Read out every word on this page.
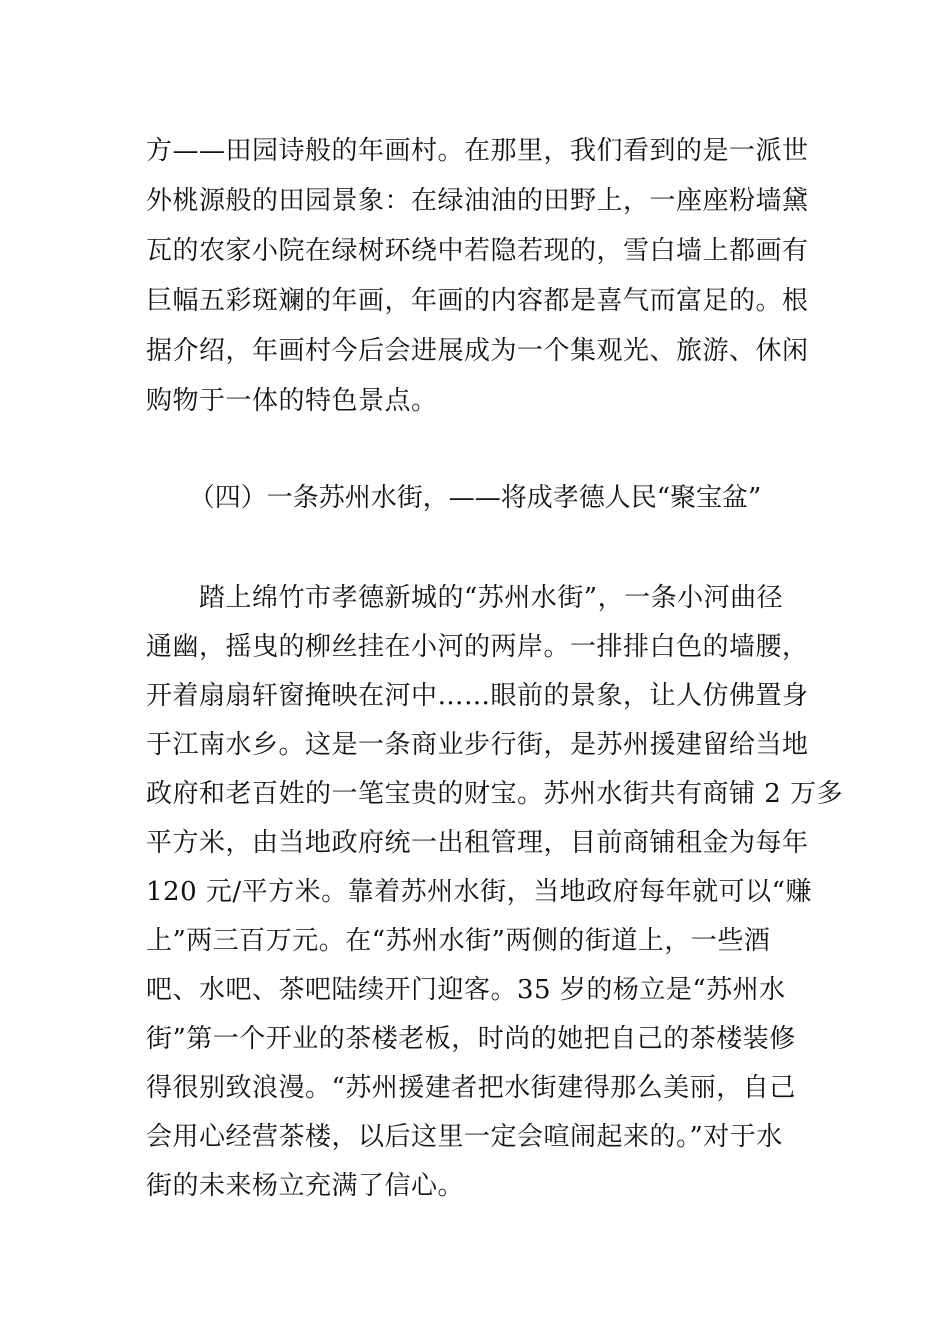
方——田园诗般的年画村。在那里，我们看到的是一派世
外桃源般的田园景象：在绿油油的田野上，一座座粉墙黛
瓦的农家小院在绿树环绕中若隐若现的，雪白墙上都画有
巨幅五彩斑斓的年画，年画的内容都是喜气而富足的。根
据介绍，年画村今后会进展成为一个集观光、旅游、休闲
购物于一体的特色景点。
（四）一条苏州水街，——将成孝德人民“聚宝盆”
　　踏上绵竹市孝德新城的“苏州水街”，一条小河曲径
通幽，摇曳的柳丝挂在小河的两岸。一排排白色的墙腰，
开着扇扇轩窗掩映在河中……眼前的景象，让人仿佛置身
于江南水乡。这是一条商业步行街，是苏州援建留给当地
政府和老百姓的一笔宝贵的财宝。苏州水街共有商铺 2 万多
平方米，由当地政府统一出租管理，目前商铺租金为每年
120 元/平方米。靠着苏州水街，当地政府每年就可以“赚
上”两三百万元。在“苏州水街”两侧的街道上，一些酒
吧、水吧、茶吧陆续开门迎客。35 岁的杨立是“苏州水
街”第一个开业的茶楼老板，时尚的她把自己的茶楼装修
得很别致浪漫。“苏州援建者把水街建得那么美丽，自己
会用心经营茶楼，以后这里一定会喧闹起来的。”对于水
街的未来杨立充满了信心。
